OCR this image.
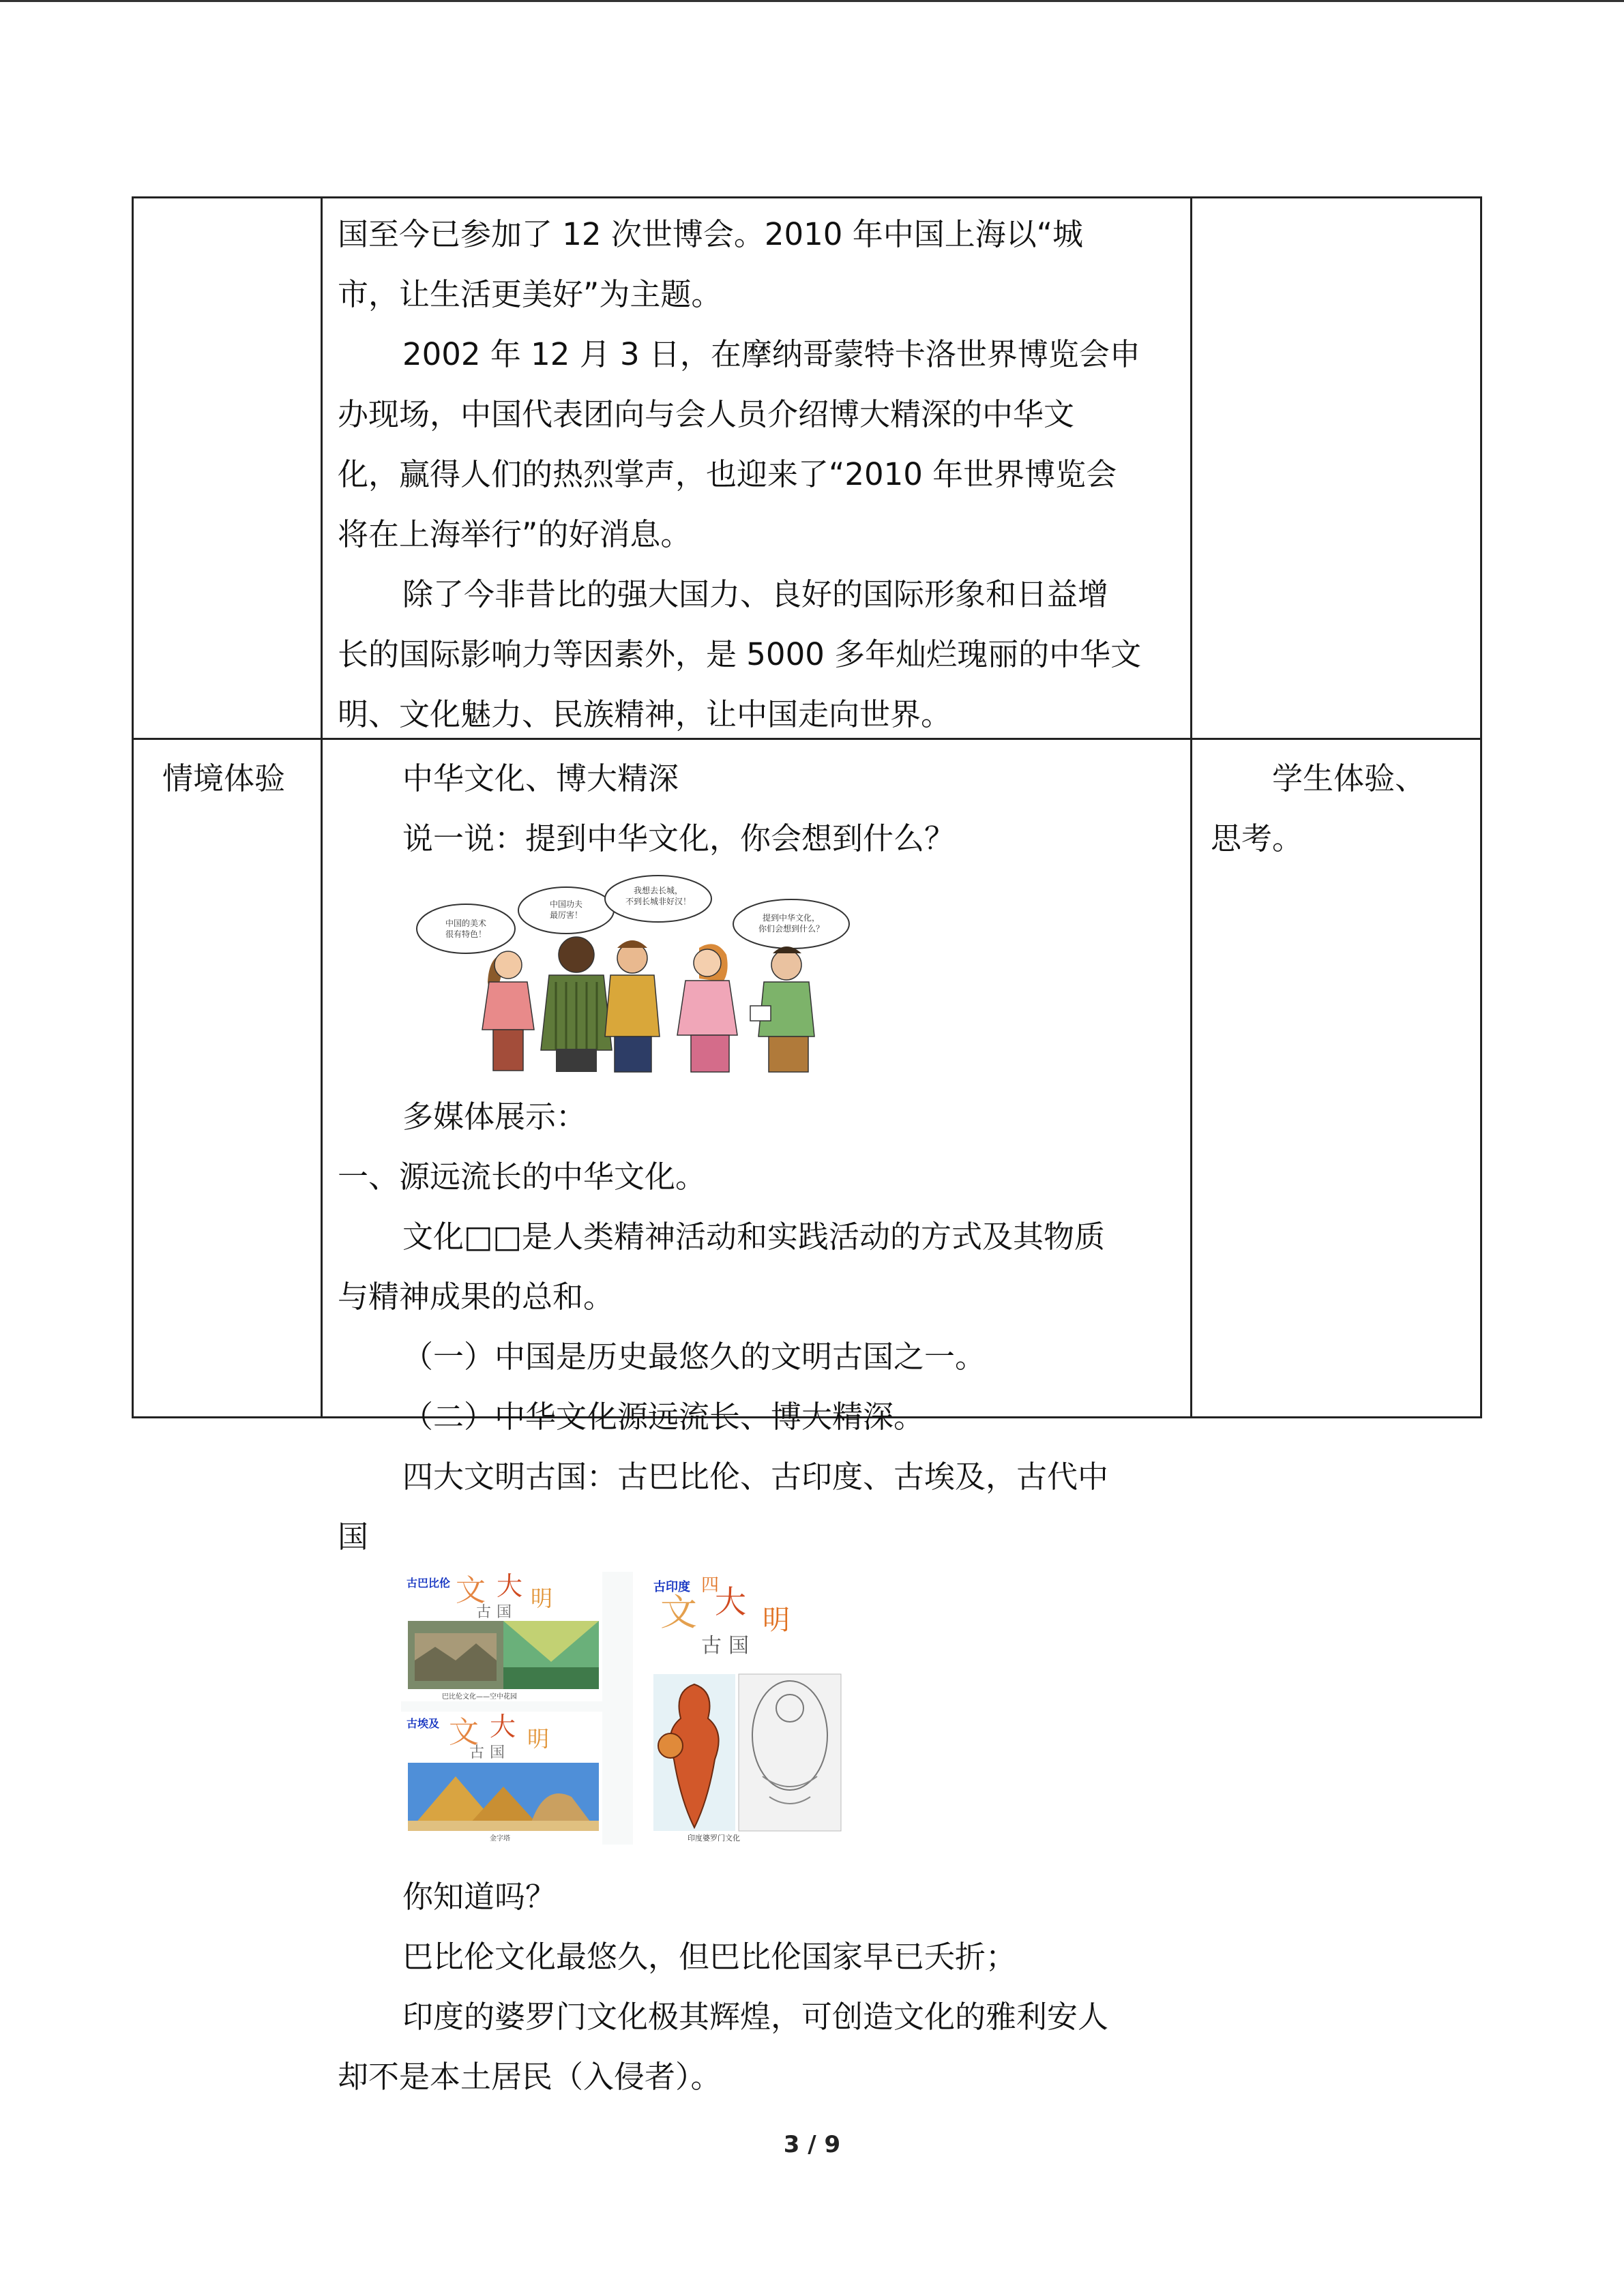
国至今已参加了 12 次世博会。2010 年中国上海以“城
市，让生活更美好”为主题。
2002 年 12 月 3 日，在摩纳哥蒙特卡洛世界博览会申
办现场，中国代表团向与会人员介绍博大精深的中华文
化，赢得人们的热烈掌声，也迎来了“2010 年世界博览会
将在上海举行”的好消息。
除了今非昔比的强大国力、良好的国际形象和日益增
长的国际影响力等因素外，是 5000 多年灿烂瑰丽的中华文
明、文化魅力、民族精神，让中国走向世界。
情境体验	学生体验、
思考。
中华文化、博大精深
说一说：提到中华文化，你会想到什么？
中国的美术
很有特色！
中国功夫
最厉害！
我想去长城，
不到长城非好汉！
提到中华文化，
你们会想到什么？
多媒体展示：
一、源远流长的中华文化。
文化□□是人类精神活动和实践活动的方式及其物质
与精神成果的总和。
（一）中国是历史最悠久的文明古国之一。
（二）中华文化源远流长、博大精深。
四大文明古国：古巴比伦、古印度、古埃及，古代中
国
古巴比伦 文 大 明
古 国
巴比伦文化——空中花园
古埃及 文 大 明
古 国
金字塔
古印度 四
文 大 明
古 国
印度婆罗门文化
你知道吗？
巴比伦文化最悠久，但巴比伦国家早已夭折；
印度的婆罗门文化极其辉煌，可创造文化的雅利安人
却不是本土居民（入侵者）。
3 / 9
